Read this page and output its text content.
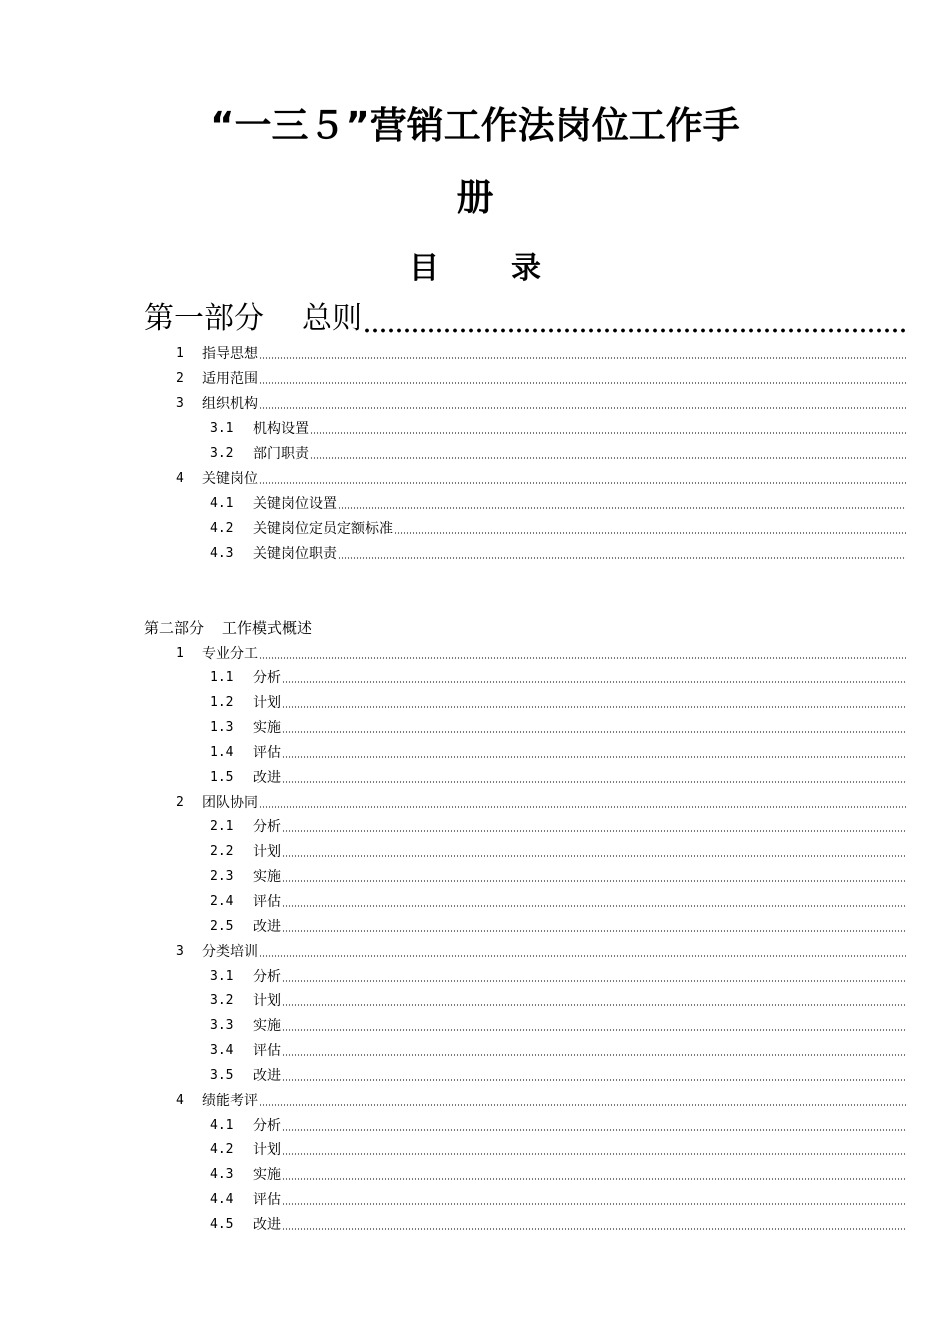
“一三５”营销工作法岗位工作手
册
目 录
第一部分 总则
1	指导思想
2	适用范围
3	组织机构
3.1	机构设置
3.2	部门职责
4	关键岗位
4.1	关键岗位设置
4.2	关键岗位定员定额标准
4.3	关键岗位职责
第二部分 工作模式概述
1	专业分工
1.1	分析
1.2	计划
1.3	实施
1.4	评估
1.5	改进
2	团队协同
2.1	分析
2.2	计划
2.3	实施
2.4	评估
2.5	改进
3	分类培训
3.1	分析
3.2	计划
3.3	实施
3.4	评估
3.5	改进
4	绩能考评
4.1	分析
4.2	计划
4.3	实施
4.4	评估
4.5	改进
